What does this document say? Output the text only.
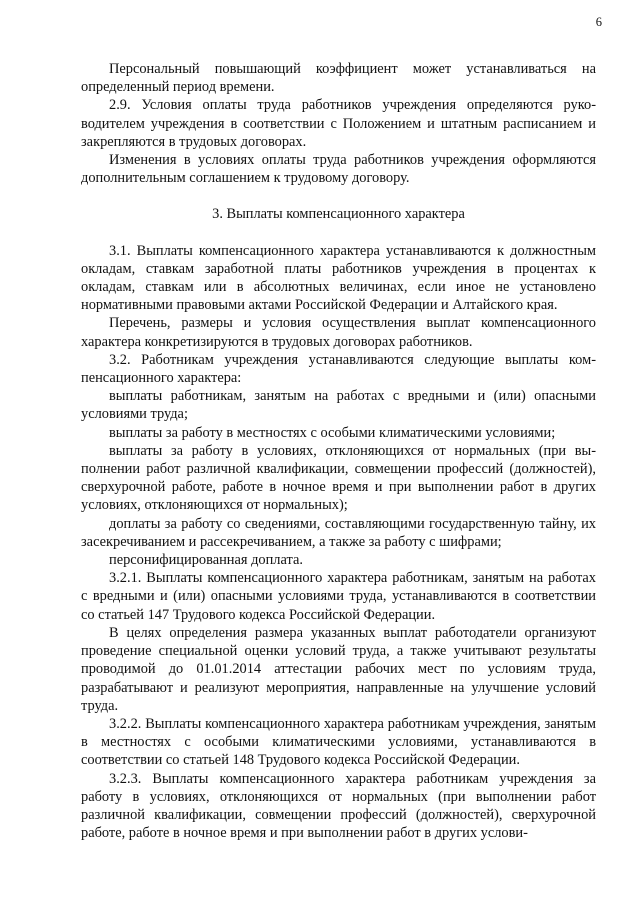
6

Персональный повышающий коэффициент может устанавливаться на определенный период времени.

2.9. Условия оплаты труда работников учреждения определяются руководителем учреждения в соответствии с Положением и штатным расписанием и закрепляются в трудовых договорах.

Изменения в условиях оплаты труда работников учреждения оформляются дополнительным соглашением к трудовому договору.

3. Выплаты компенсационного характера

3.1. Выплаты компенсационного характера устанавливаются к должностным окладам, ставкам заработной платы работников учреждения в процентах к окладам, ставкам или в абсолютных величинах, если иное не установлено нормативными правовыми актами Российской Федерации и Алтайского края.

Перечень, размеры и условия осуществления выплат компенсационного характера конкретизируются в трудовых договорах работников.

3.2. Работникам учреждения устанавливаются следующие выплаты компенсационного характера:

выплаты работникам, занятым на работах с вредными и (или) опасными условиями труда;

выплаты за работу в местностях с особыми климатическими условиями;

выплаты за работу в условиях, отклоняющихся от нормальных (при выполнении работ различной квалификации, совмещении профессий (должностей), сверхурочной работе, работе в ночное время и при выполнении работ в других условиях, отклоняющихся от нормальных);

доплаты за работу со сведениями, составляющими государственную тайну, их засекречиванием и рассекречиванием, а также за работу с шифрами;

персонифицированная доплата.

3.2.1. Выплаты компенсационного характера работникам, занятым на работах с вредными и (или) опасными условиями труда, устанавливаются в соответствии со статьей 147 Трудового кодекса Российской Федерации.

В целях определения размера указанных выплат работодатели организуют проведение специальной оценки условий труда, а также учитывают результаты проводимой до 01.01.2014 аттестации рабочих мест по условиям труда, разрабатывают и реализуют мероприятия, направленные на улучшение условий труда.

3.2.2. Выплаты компенсационного характера работникам учреждения, занятым в местностях с особыми климатическими условиями, устанавливаются в соответствии со статьей 148 Трудового кодекса Российской Федерации.

3.2.3. Выплаты компенсационного характера работникам учреждения за работу в условиях, отклоняющихся от нормальных (при выполнении работ различной квалификации, совмещении профессий (должностей), сверхурочной работе, работе в ночное время и при выполнении работ в других услови-
